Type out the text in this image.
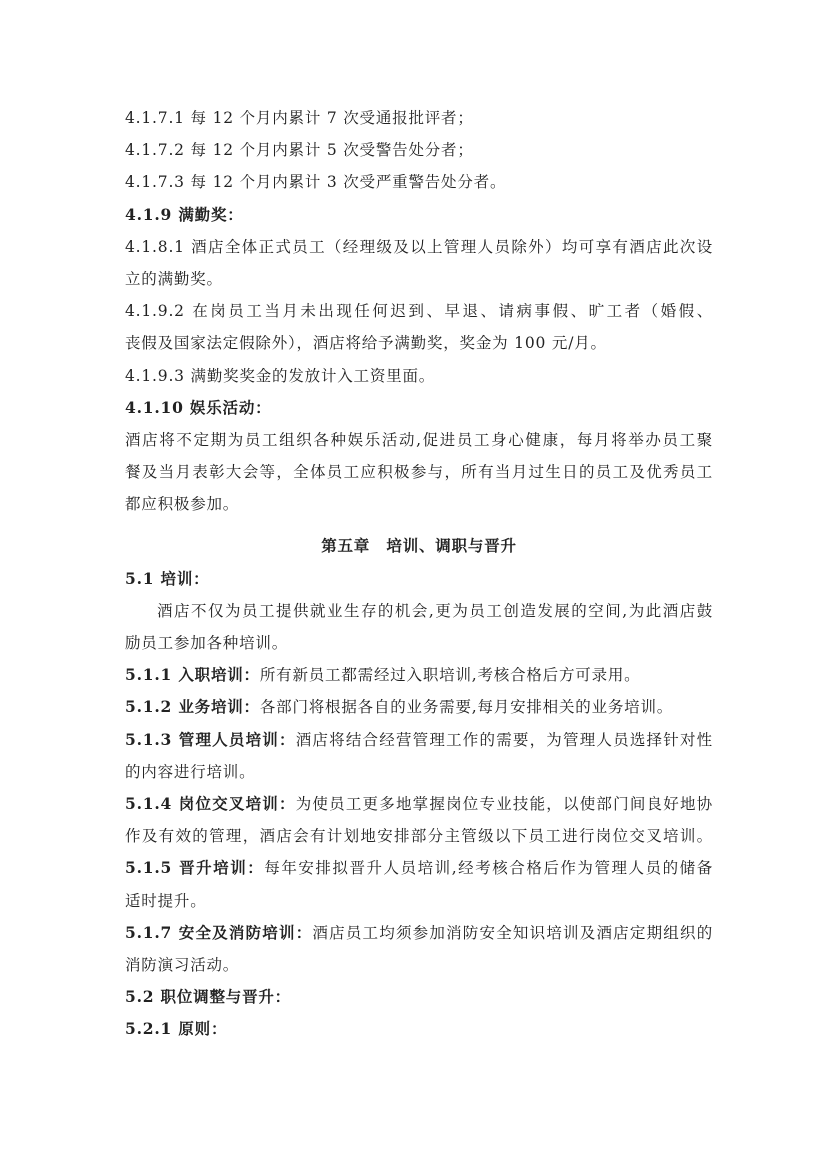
4.1.7.1 每 12 个月内累计 7 次受通报批评者；
4.1.7.2 每 12 个月内累计 5 次受警告处分者；
4.1.7.3 每 12 个月内累计 3 次受严重警告处分者。
4.1.9 满勤奖：
4.1.8.1 酒店全体正式员工（经理级及以上管理人员除外）均可享有酒店此次设
立的满勤奖。
4.1.9.2 在岗员工当月未出现任何迟到、早退、请病事假、旷工者（婚假、
丧假及国家法定假除外），酒店将给予满勤奖，奖金为 100 元/月。
4.1.9.3 满勤奖奖金的发放计入工资里面。
4.1.10 娱乐活动：
酒店将不定期为员工组织各种娱乐活动,促进员工身心健康，每月将举办员工聚
餐及当月表彰大会等，全体员工应积极参与，所有当月过生日的员工及优秀员工
都应积极参加。
第五章　培训、调职与晋升
5.1 培训：
酒店不仅为员工提供就业生存的机会,更为员工创造发展的空间,为此酒店鼓
励员工参加各种培训。
5.1.1 入职培训：所有新员工都需经过入职培训,考核合格后方可录用。
5.1.2 业务培训：各部门将根据各自的业务需要,每月安排相关的业务培训。
5.1.3 管理人员培训：酒店将结合经营管理工作的需要，为管理人员选择针对性
的内容进行培训。
5.1.4 岗位交叉培训：为使员工更多地掌握岗位专业技能，以使部门间良好地协
作及有效的管理，酒店会有计划地安排部分主管级以下员工进行岗位交叉培训。
5.1.5 晋升培训：每年安排拟晋升人员培训,经考核合格后作为管理人员的储备
适时提升。
5.1.7 安全及消防培训：酒店员工均须参加消防安全知识培训及酒店定期组织的
消防演习活动。
5.2 职位调整与晋升：
5.2.1 原则：
